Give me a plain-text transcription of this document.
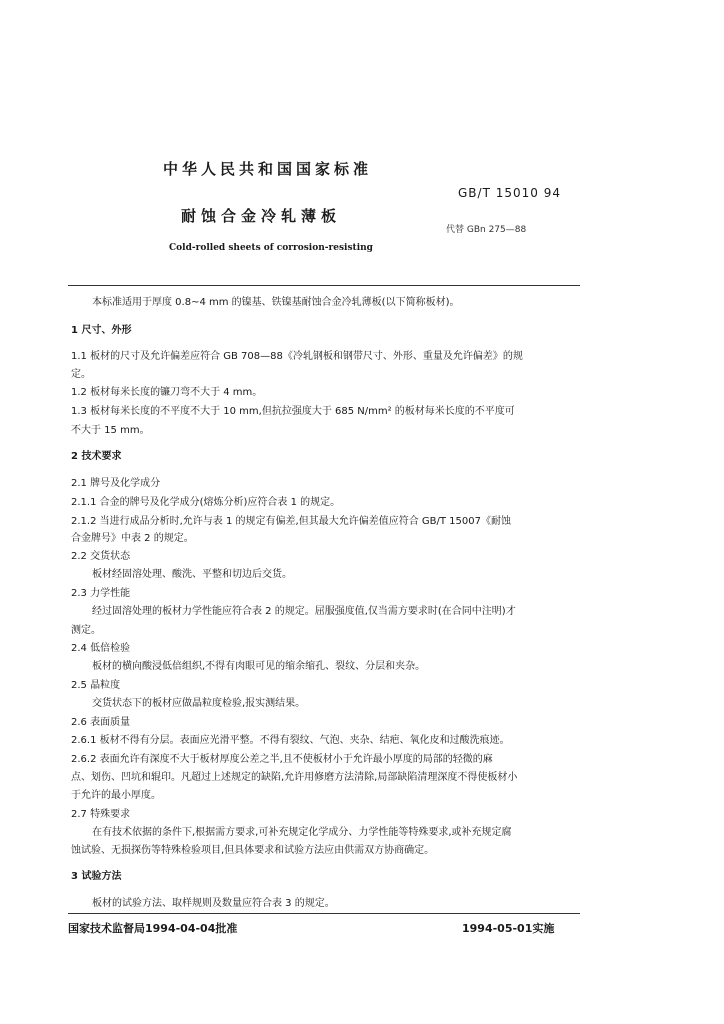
中华人民共和国国家标准
GB/T 15010 94
耐蚀合金冷轧薄板
代替 GBn 275—88
Cold-rolled sheets of corrosion-resisting
本标准适用于厚度 0.8~4 mm 的镍基、铁镍基耐蚀合金冷轧薄板(以下简称板材)。
1 尺寸、外形
1.1 板材的尺寸及允许偏差应符合 GB 708—88《冷轧钢板和钢带尺寸、外形、重量及允许偏差》的规
定。
1.2 板材每米长度的镰刀弯不大于 4 mm。
1.3 板材每米长度的不平度不大于 10 mm,但抗拉强度大于 685 N/mm² 的板材每米长度的不平度可
不大于 15 mm。
2 技术要求
2.1 牌号及化学成分
2.1.1 合金的牌号及化学成分(熔炼分析)应符合表 1 的规定。
2.1.2 当进行成品分析时,允许与表 1 的规定有偏差,但其最大允许偏差值应符合 GB/T 15007《耐蚀
合金牌号》中表 2 的规定。
2.2 交货状态
板材经固溶处理、酸洗、平整和切边后交货。
2.3 力学性能
经过固溶处理的板材力学性能应符合表 2 的规定。屈服强度值,仅当需方要求时(在合同中注明)才
测定。
2.4 低倍检验
板材的横向酸浸低倍组织,不得有肉眼可见的缩余缩孔、裂纹、分层和夹杂。
2.5 晶粒度
交货状态下的板材应做晶粒度检验,报实测结果。
2.6 表面质量
2.6.1 板材不得有分层。表面应光滑平整。不得有裂纹、气泡、夹杂、结疤、氧化皮和过酸洗痕迹。
2.6.2 表面允许有深度不大于板材厚度公差之半,且不使板材小于允许最小厚度的局部的轻微的麻
点、划伤、凹坑和辊印。凡超过上述规定的缺陷,允许用修磨方法清除,局部缺陷清理深度不得使板材小
于允许的最小厚度。
2.7 特殊要求
在有技术依据的条件下,根据需方要求,可补充规定化学成分、力学性能等特殊要求,或补充规定腐
蚀试验、无损探伤等特殊检验项目,但具体要求和试验方法应由供需双方协商确定。
3 试验方法
板材的试验方法、取样规则及数量应符合表 3 的规定。
国家技术监督局1994-04-04批准	1994-05-01实施
